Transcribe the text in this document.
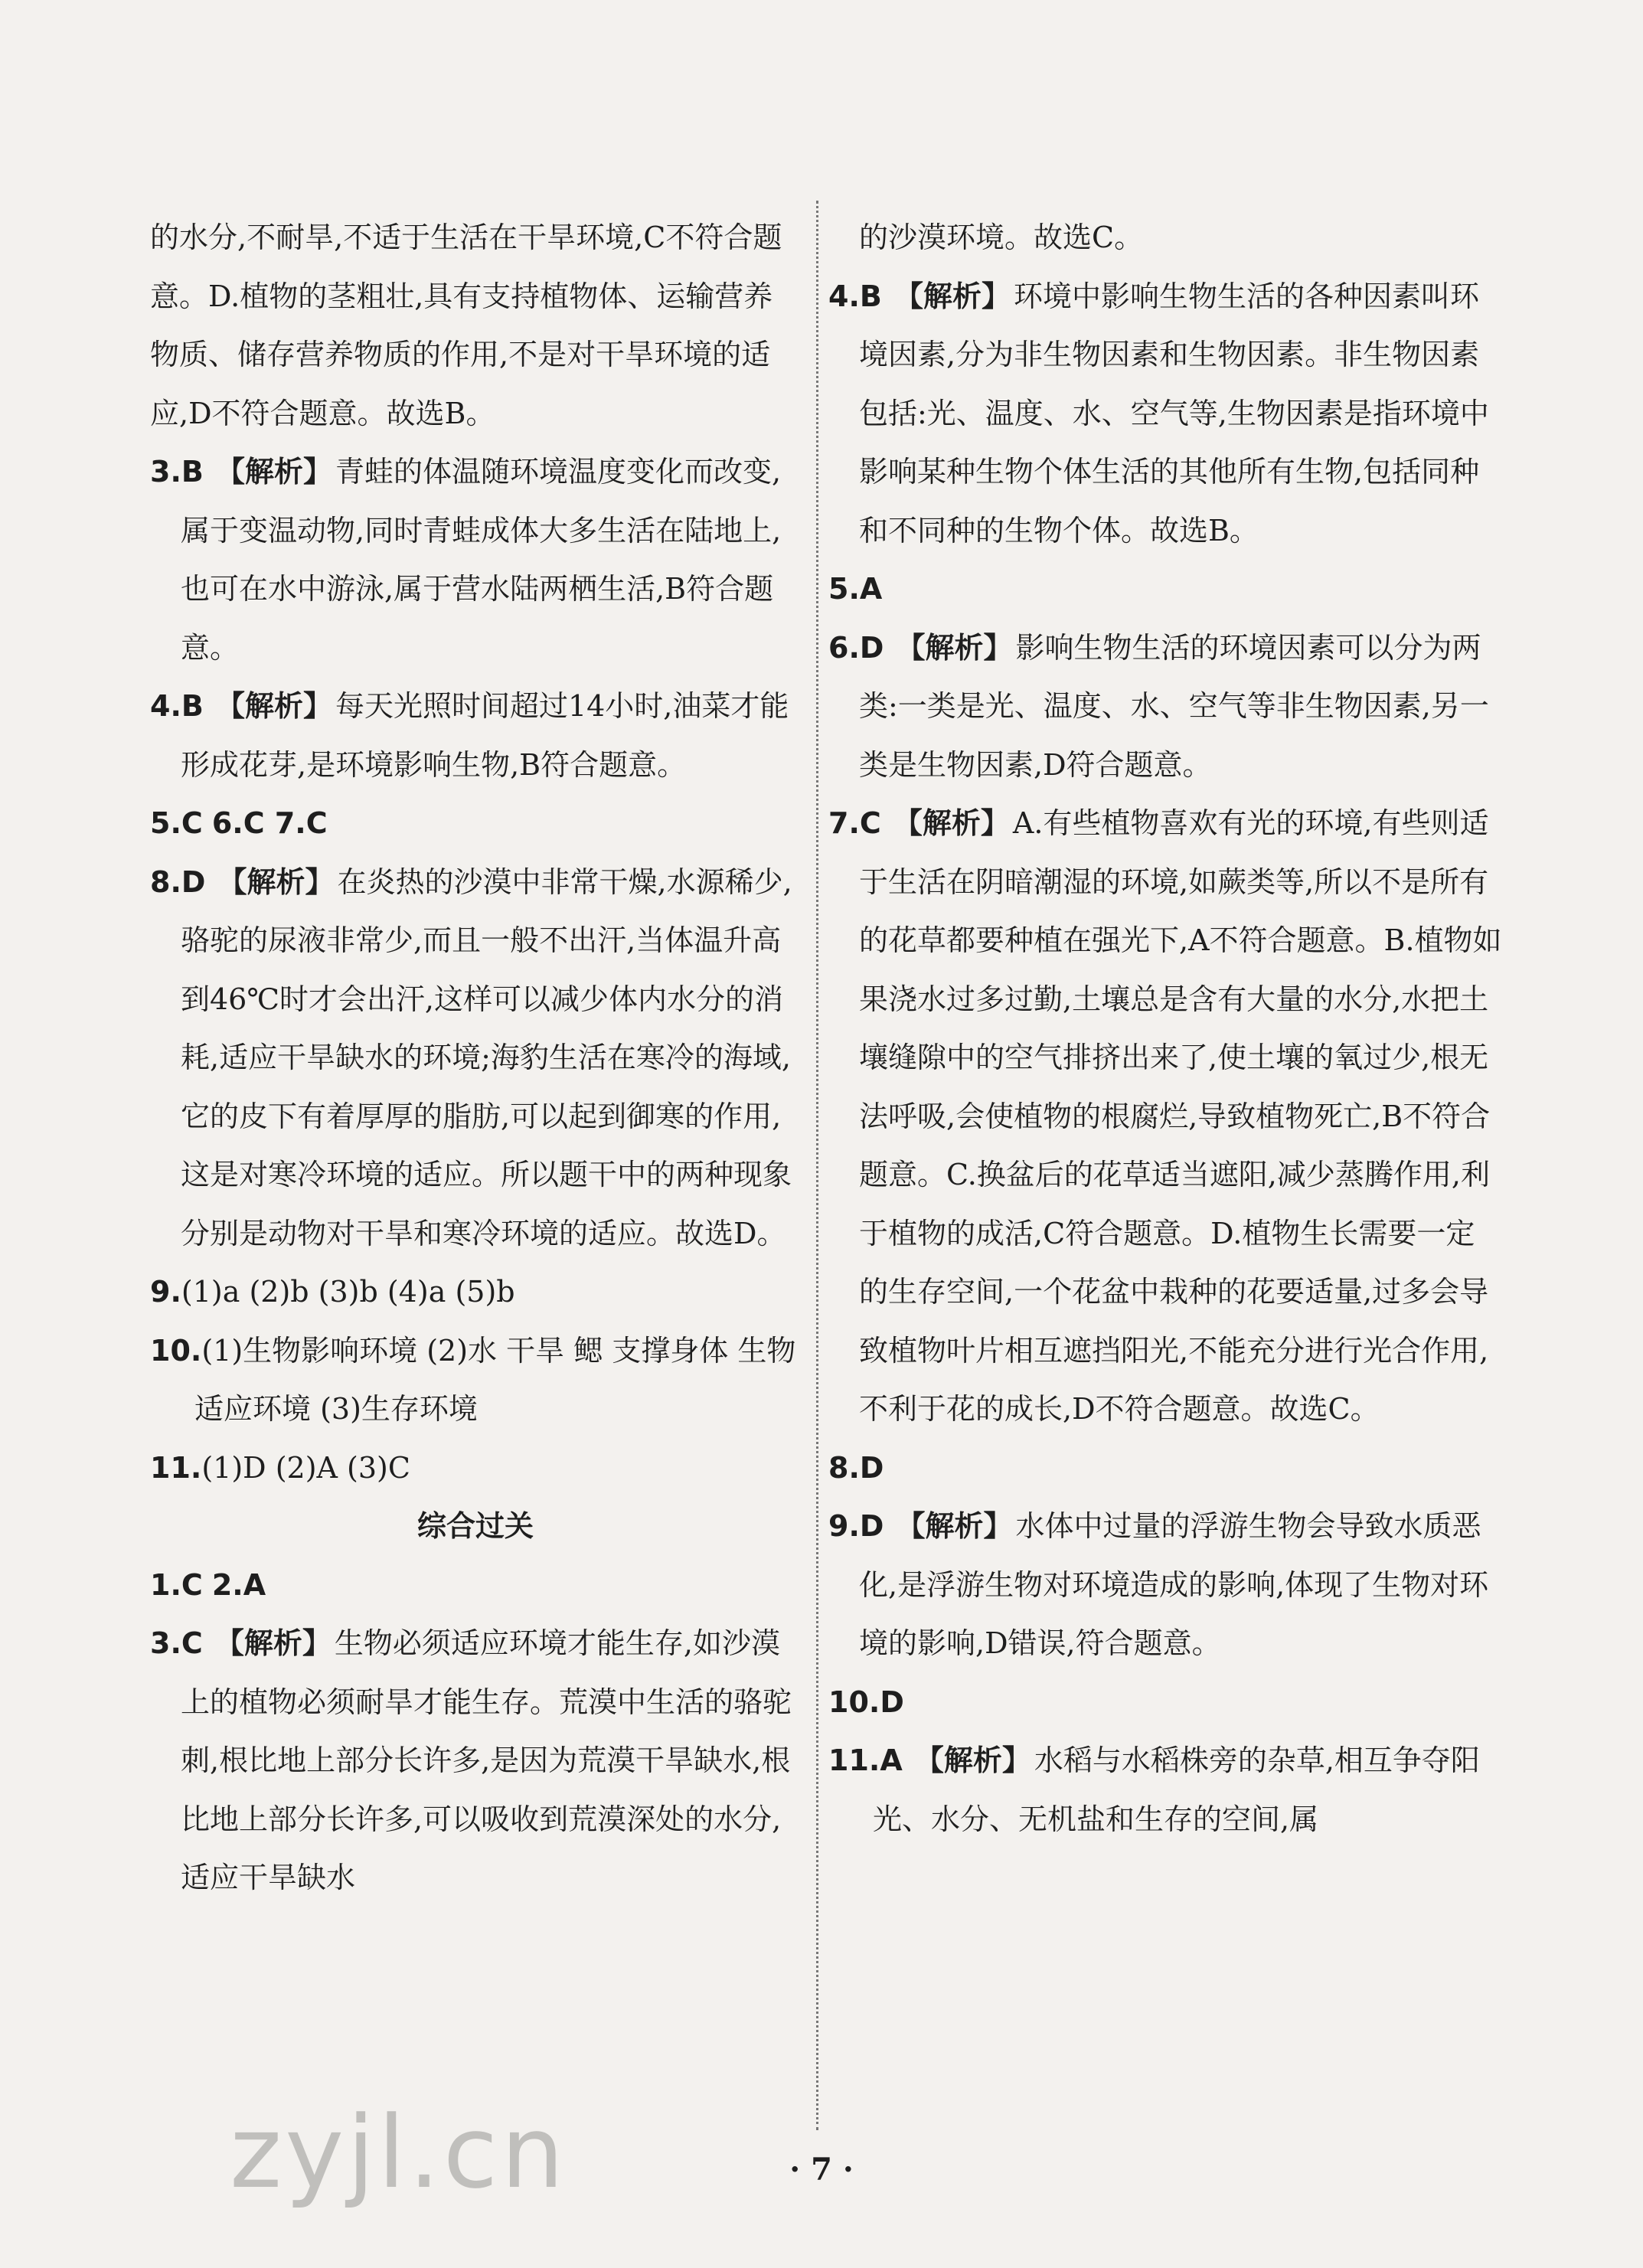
的水分,不耐旱,不适于生活在干旱环境,C不符合题意。D.植物的茎粗壮,具有支持植物体、运输营养物质、储存营养物质的作用,不是对干旱环境的适应,D不符合题意。故选B。
3.B 【解析】 青蛙的体温随环境温度变化而改变,属于变温动物,同时青蛙成体大多生活在陆地上,也可在水中游泳,属于营水陆两栖生活,B符合题意。
4.B 【解析】 每天光照时间超过14小时,油菜才能形成花芽,是环境影响生物,B符合题意。
5.C 6.C 7.C
8.D 【解析】 在炎热的沙漠中非常干燥,水源稀少,骆驼的尿液非常少,而且一般不出汗,当体温升高到46℃时才会出汗,这样可以减少体内水分的消耗,适应干旱缺水的环境;海豹生活在寒冷的海域,它的皮下有着厚厚的脂肪,可以起到御寒的作用,这是对寒冷环境的适应。所以题干中的两种现象分别是动物对干旱和寒冷环境的适应。故选D。
9.(1)a (2)b (3)b (4)a (5)b
10.(1)生物影响环境 (2)水 干旱 鳃 支撑身体 生物适应环境 (3)生存环境
11.(1)D (2)A (3)C
综合过关
1.C 2.A
3.C 【解析】 生物必须适应环境才能生存,如沙漠上的植物必须耐旱才能生存。荒漠中生活的骆驼刺,根比地上部分长许多,是因为荒漠干旱缺水,根比地上部分长许多,可以吸收到荒漠深处的水分,适应干旱缺水
的沙漠环境。故选C。
4.B 【解析】 环境中影响生物生活的各种因素叫环境因素,分为非生物因素和生物因素。非生物因素包括:光、温度、水、空气等,生物因素是指环境中影响某种生物个体生活的其他所有生物,包括同种和不同种的生物个体。故选B。
5.A
6.D 【解析】 影响生物生活的环境因素可以分为两类:一类是光、温度、水、空气等非生物因素,另一类是生物因素,D符合题意。
7.C 【解析】 A.有些植物喜欢有光的环境,有些则适于生活在阴暗潮湿的环境,如蕨类等,所以不是所有的花草都要种植在强光下,A不符合题意。B.植物如果浇水过多过勤,土壤总是含有大量的水分,水把土壤缝隙中的空气排挤出来了,使土壤的氧过少,根无法呼吸,会使植物的根腐烂,导致植物死亡,B不符合题意。C.换盆后的花草适当遮阳,减少蒸腾作用,利于植物的成活,C符合题意。D.植物生长需要一定的生存空间,一个花盆中栽种的花要适量,过多会导致植物叶片相互遮挡阳光,不能充分进行光合作用,不利于花的成长,D不符合题意。故选C。
8.D
9.D 【解析】 水体中过量的浮游生物会导致水质恶化,是浮游生物对环境造成的影响,体现了生物对环境的影响,D错误,符合题意。
10.D
11.A 【解析】 水稻与水稻株旁的杂草,相互争夺阳光、水分、无机盐和生存的空间,属
zyjl.cn	· 7 ·
